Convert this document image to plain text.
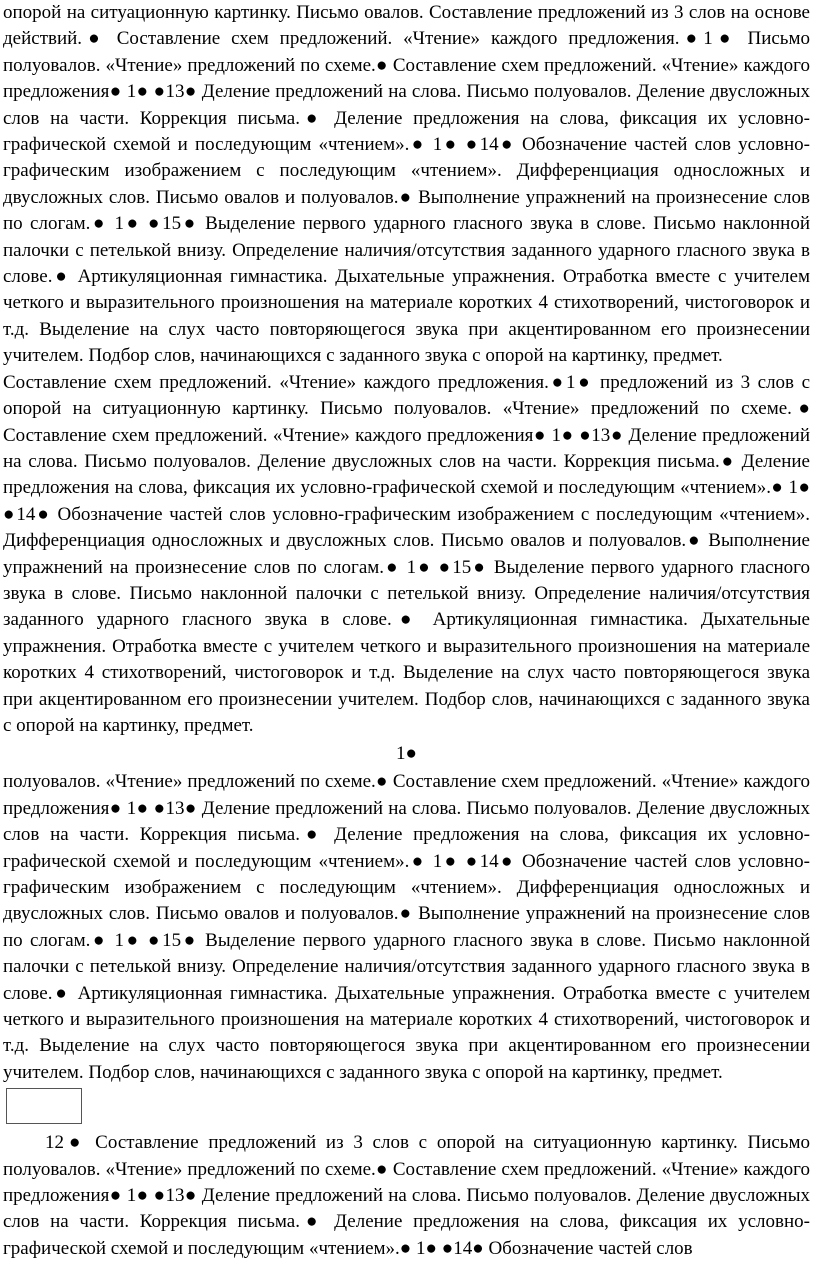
опорой на ситуационную картинку. Письмо овалов. Составление предложений из 3 слов на основе действий.● Составление схем предложений. «Чтение» каждого предложения.●1● Письмо полуовалов. «Чтение» предложений по схеме.● Составление схем предложений. «Чтение» каждого предложения● 1● ●13● Деление предложений на слова. Письмо полуовалов. Деление двусложных слов на части. Коррекция письма.● Деление предложения на слова, фиксация их условно-графической схемой и последующим «чтением».● 1● ●14● Обозначение частей слов условно-графическим изображением с последующим «чтением». Дифференциация односложных и двусложных слов. Письмо овалов и полуовалов.● Выполнение упражнений на произнесение слов по слогам.● 1● ●15● Выделение первого ударного гласного звука в слове. Письмо наклонной палочки с петелькой внизу. Определение наличия/отсутствия заданного ударного гласного звука в слове.● Артикуляционная гимнастика. Дыхательные упражнения. Отработка вместе с учителем четкого и выразительного произношения на материале коротких 4 стихотворений, чистоговорок и т.д. Выделение на слух часто повторяющегося звука при акцентированном его произнесении учителем. Подбор слов, начинающихся с заданного звука с опорой на картинку, предмет.

Составление схем предложений. «Чтение» каждого предложения.●1● предложений из 3 слов с опорой на ситуационную картинку. Письмо полуовалов. «Чтение» предложений по схеме.● Составление схем предложений. «Чтение» каждого предложения● 1● ●13● Деление предложений на слова. Письмо полуовалов. Деление двусложных слов на части. Коррекция письма.● Деление предложения на слова, фиксация их условно-графической схемой и последующим «чтением».● 1● ●14● Обозначение частей слов условно-графическим изображением с последующим «чтением». Дифференциация односложных и двусложных слов. Письмо овалов и полуовалов.● Выполнение упражнений на произнесение слов по слогам.● 1● ●15● Выделение первого ударного гласного звука в слове. Письмо наклонной палочки с петелькой внизу. Определение наличия/отсутствия заданного ударного гласного звука в слове.● Артикуляционная гимнастика. Дыхательные упражнения. Отработка вместе с учителем четкого и выразительного произношения на материале коротких 4 стихотворений, чистоговорок и т.д. Выделение на слух часто повторяющегося звука при акцентированном его произнесении учителем. Подбор слов, начинающихся с заданного звука с опорой на картинку, предмет.

1●

полуовалов. «Чтение» предложений по схеме.● Составление схем предложений. «Чтение» каждого предложения● 1● ●13● Деление предложений на слова. Письмо полуовалов. Деление двусложных слов на части. Коррекция письма.● Деление предложения на слова, фиксация их условно-графической схемой и последующим «чтением».● 1● ●14● Обозначение частей слов условно-графическим изображением с последующим «чтением». Дифференциация односложных и двусложных слов. Письмо овалов и полуовалов.● Выполнение упражнений на произнесение слов по слогам.● 1● ●15● Выделение первого ударного гласного звука в слове. Письмо наклонной палочки с петелькой внизу. Определение наличия/отсутствия заданного ударного гласного звука в слове.● Артикуляционная гимнастика. Дыхательные упражнения. Отработка вместе с учителем четкого и выразительного произношения на материале коротких 4 стихотворений, чистоговорок и т.д. Выделение на слух часто повторяющегося звука при акцентированном его произнесении учителем. Подбор слов, начинающихся с заданного звука с опорой на картинку, предмет.

12● Составление предложений из 3 слов с опорой на ситуационную картинку. Письмо полуовалов. «Чтение» предложений по схеме.● Составление схем предложений. «Чтение» каждого предложения● 1● ●13● Деление предложений на слова. Письмо полуовалов. Деление двусложных слов на части. Коррекция письма.● Деление предложения на слова, фиксация их условно-графической схемой и последующим «чтением».● 1● ●14● Обозначение частей слов
